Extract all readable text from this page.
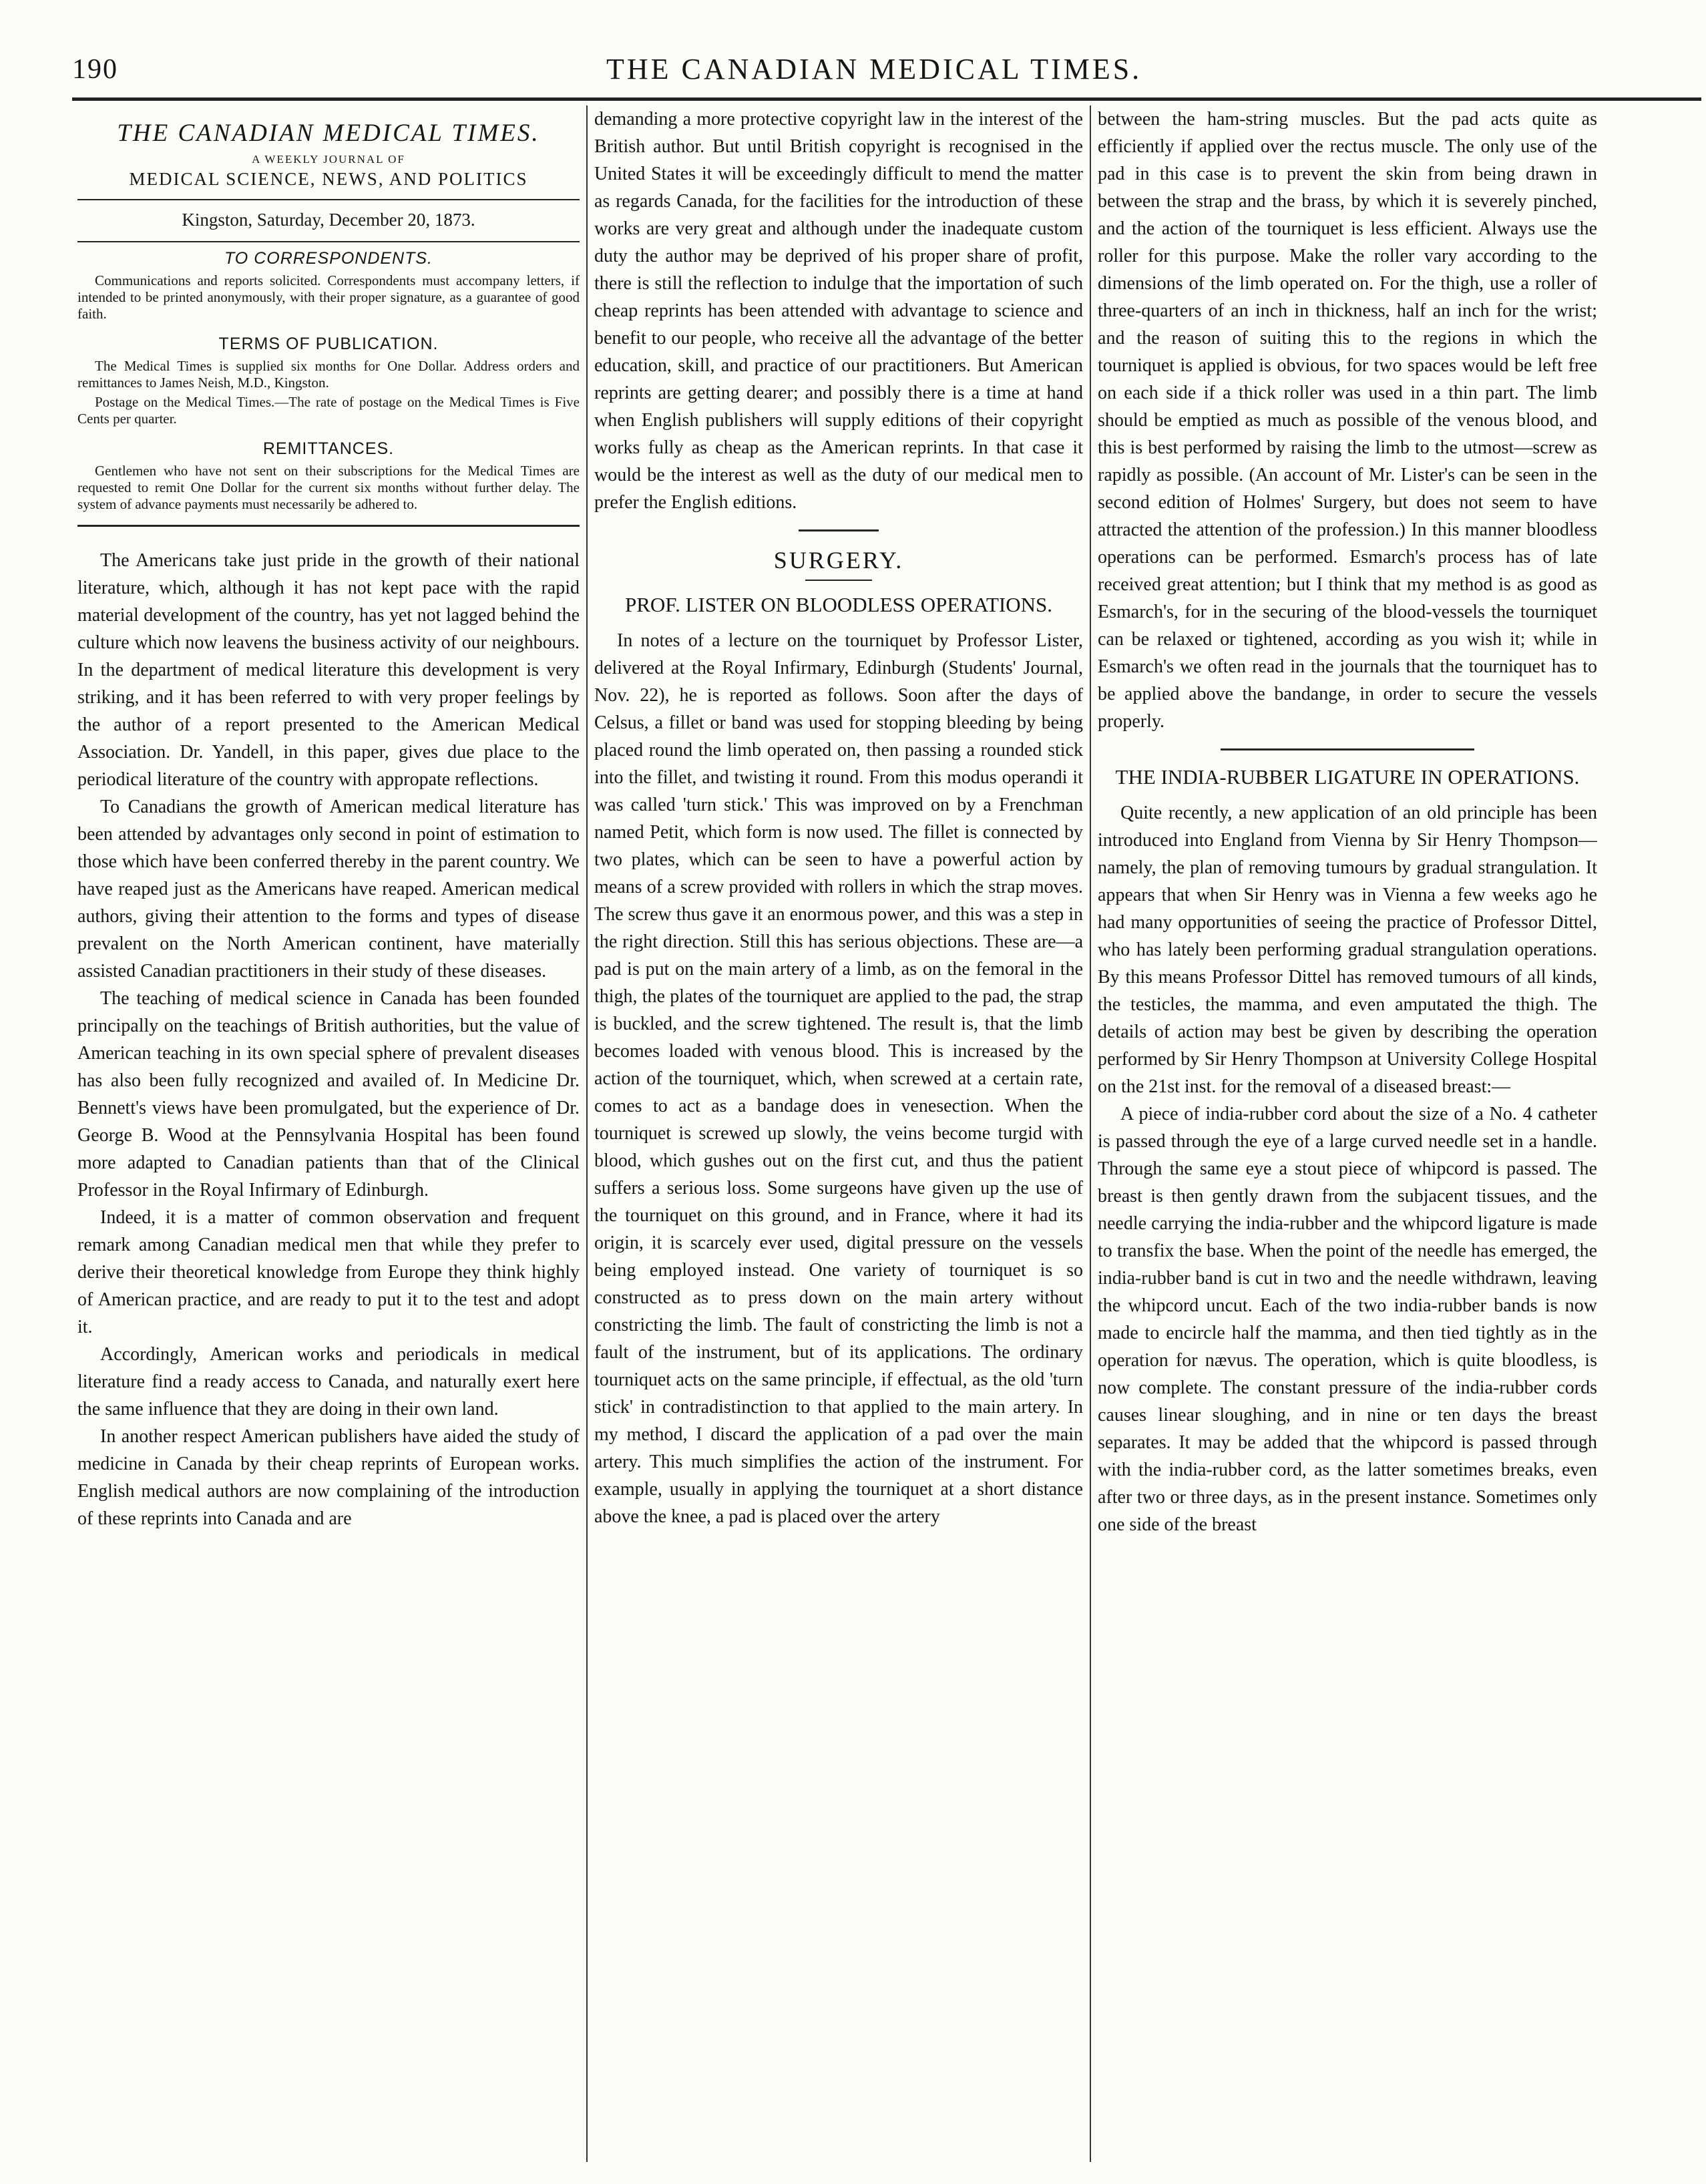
190	THE CANADIAN MEDICAL TIMES.
THE CANADIAN MEDICAL TIMES.
A WEEKLY JOURNAL OF
MEDICAL SCIENCE, NEWS, AND POLITICS
Kingston, Saturday, December 20, 1873.
TO CORRESPONDENTS.

Communications and reports solicited. Correspondents must accompany letters, if intended to be printed anonymously, with their proper signature, as a guarantee of good faith.

TERMS OF PUBLICATION.

The Medical Times is supplied six months for One Dollar. Address orders and remittances to James Neish, M.D., Kingston.

Postage on the Medical Times.—The rate of postage on the Medical Times is Five Cents per quarter.

REMITTANCES.

Gentlemen who have not sent on their subscriptions for the Medical Times are requested to remit One Dollar for the current six months without further delay. The system of advance payments must necessarily be adhered to.

The Americans take just pride in the growth of their national literature, which, although it has not kept pace with the rapid material development of the country, has yet not lagged behind the culture which now leavens the business activity of our neighbours. In the department of medical literature this development is very striking, and it has been referred to with very proper feelings by the author of a report presented to the American Medical Association. Dr. Yandell, in this paper, gives due place to the periodical literature of the country with appropate reflections.

To Canadians the growth of American medical literature has been attended by advantages only second in point of estimation to those which have been conferred thereby in the parent country. We have reaped just as the Americans have reaped. American medical authors, giving their attention to the forms and types of disease prevalent on the North American continent, have materially assisted Canadian practitioners in their study of these diseases.

The teaching of medical science in Canada has been founded principally on the teachings of British authorities, but the value of American teaching in its own special sphere of prevalent diseases has also been fully recognized and availed of. In Medicine Dr. Bennett's views have been promulgated, but the experience of Dr. George B. Wood at the Pennsylvania Hospital has been found more adapted to Canadian patients than that of the Clinical Professor in the Royal Infirmary of Edinburgh.

Indeed, it is a matter of common observation and frequent remark among Canadian medical men that while they prefer to derive their theoretical knowledge from Europe they think highly of American practice, and are ready to put it to the test and adopt it.

Accordingly, American works and periodicals in medical literature find a ready access to Canada, and naturally exert here the same influence that they are doing in their own land.

In another respect American publishers have aided the study of medicine in Canada by their cheap reprints of European works. English medical authors are now complaining of the introduction of these reprints into Canada and are

demanding a more protective copyright law in the interest of the British author. But until British copyright is recognised in the United States it will be exceedingly difficult to mend the matter as regards Canada, for the facilities for the introduction of these works are very great and although under the inadequate custom duty the author may be deprived of his proper share of profit, there is still the reflection to indulge that the importation of such cheap reprints has been attended with advantage to science and benefit to our people, who receive all the advantage of the better education, skill, and practice of our practitioners. But American reprints are getting dearer; and possibly there is a time at hand when English publishers will supply editions of their copyright works fully as cheap as the American reprints. In that case it would be the interest as well as the duty of our medical men to prefer the English editions.

SURGERY.
PROF. LISTER ON BLOODLESS OPERATIONS.

In notes of a lecture on the tourniquet by Professor Lister, delivered at the Royal Infirmary, Edinburgh (Students' Journal, Nov. 22), he is reported as follows. Soon after the days of Celsus, a fillet or band was used for stopping bleeding by being placed round the limb operated on, then passing a rounded stick into the fillet, and twisting it round. From this modus operandi it was called 'turn stick.' This was improved on by a Frenchman named Petit, which form is now used. The fillet is connected by two plates, which can be seen to have a powerful action by means of a screw provided with rollers in which the strap moves. The screw thus gave it an enormous power, and this was a step in the right direction. Still this has serious objections. These are—a pad is put on the main artery of a limb, as on the femoral in the thigh, the plates of the tourniquet are applied to the pad, the strap is buckled, and the screw tightened. The result is, that the limb becomes loaded with venous blood. This is increased by the action of the tourniquet, which, when screwed at a certain rate, comes to act as a bandage does in venesection. When the tourniquet is screwed up slowly, the veins become turgid with blood, which gushes out on the first cut, and thus the patient suffers a serious loss. Some surgeons have given up the use of the tourniquet on this ground, and in France, where it had its origin, it is scarcely ever used, digital pressure on the vessels being employed instead. One variety of tourniquet is so constructed as to press down on the main artery without constricting the limb. The fault of constricting the limb is not a fault of the instrument, but of its applications. The ordinary tourniquet acts on the same principle, if effectual, as the old 'turn stick' in contradistinction to that applied to the main artery. In my method, I discard the application of a pad over the main artery. This much simplifies the action of the instrument. For example, usually in applying the tourniquet at a short distance above the knee, a pad is placed over the artery

between the ham-string muscles. But the pad acts quite as efficiently if applied over the rectus muscle. The only use of the pad in this case is to prevent the skin from being drawn in between the strap and the brass, by which it is severely pinched, and the action of the tourniquet is less efficient. Always use the roller for this purpose. Make the roller vary according to the dimensions of the limb operated on. For the thigh, use a roller of three-quarters of an inch in thickness, half an inch for the wrist; and the reason of suiting this to the regions in which the tourniquet is applied is obvious, for two spaces would be left free on each side if a thick roller was used in a thin part. The limb should be emptied as much as possible of the venous blood, and this is best performed by raising the limb to the utmost—screw as rapidly as possible. (An account of Mr. Lister's can be seen in the second edition of Holmes' Surgery, but does not seem to have attracted the attention of the profession.) In this manner bloodless operations can be performed. Esmarch's process has of late received great attention; but I think that my method is as good as Esmarch's, for in the securing of the blood-vessels the tourniquet can be relaxed or tightened, according as you wish it; while in Esmarch's we often read in the journals that the tourniquet has to be applied above the bandange, in order to secure the vessels properly.

THE INDIA-RUBBER LIGATURE IN OPERATIONS.

Quite recently, a new application of an old principle has been introduced into England from Vienna by Sir Henry Thompson—namely, the plan of removing tumours by gradual strangulation. It appears that when Sir Henry was in Vienna a few weeks ago he had many opportunities of seeing the practice of Professor Dittel, who has lately been performing gradual strangulation operations. By this means Professor Dittel has removed tumours of all kinds, the testicles, the mamma, and even amputated the thigh. The details of action may best be given by describing the operation performed by Sir Henry Thompson at University College Hospital on the 21st inst. for the removal of a diseased breast:—

A piece of india-rubber cord about the size of a No. 4 catheter is passed through the eye of a large curved needle set in a handle. Through the same eye a stout piece of whipcord is passed. The breast is then gently drawn from the subjacent tissues, and the needle carrying the india-rubber and the whipcord ligature is made to transfix the base. When the point of the needle has emerged, the india-rubber band is cut in two and the needle withdrawn, leaving the whipcord uncut. Each of the two india-rubber bands is now made to encircle half the mamma, and then tied tightly as in the operation for nævus. The operation, which is quite bloodless, is now complete. The constant pressure of the india-rubber cords causes linear sloughing, and in nine or ten days the breast separates. It may be added that the whipcord is passed through with the india-rubber cord, as the latter sometimes breaks, even after two or three days, as in the present instance. Sometimes only one side of the breast
